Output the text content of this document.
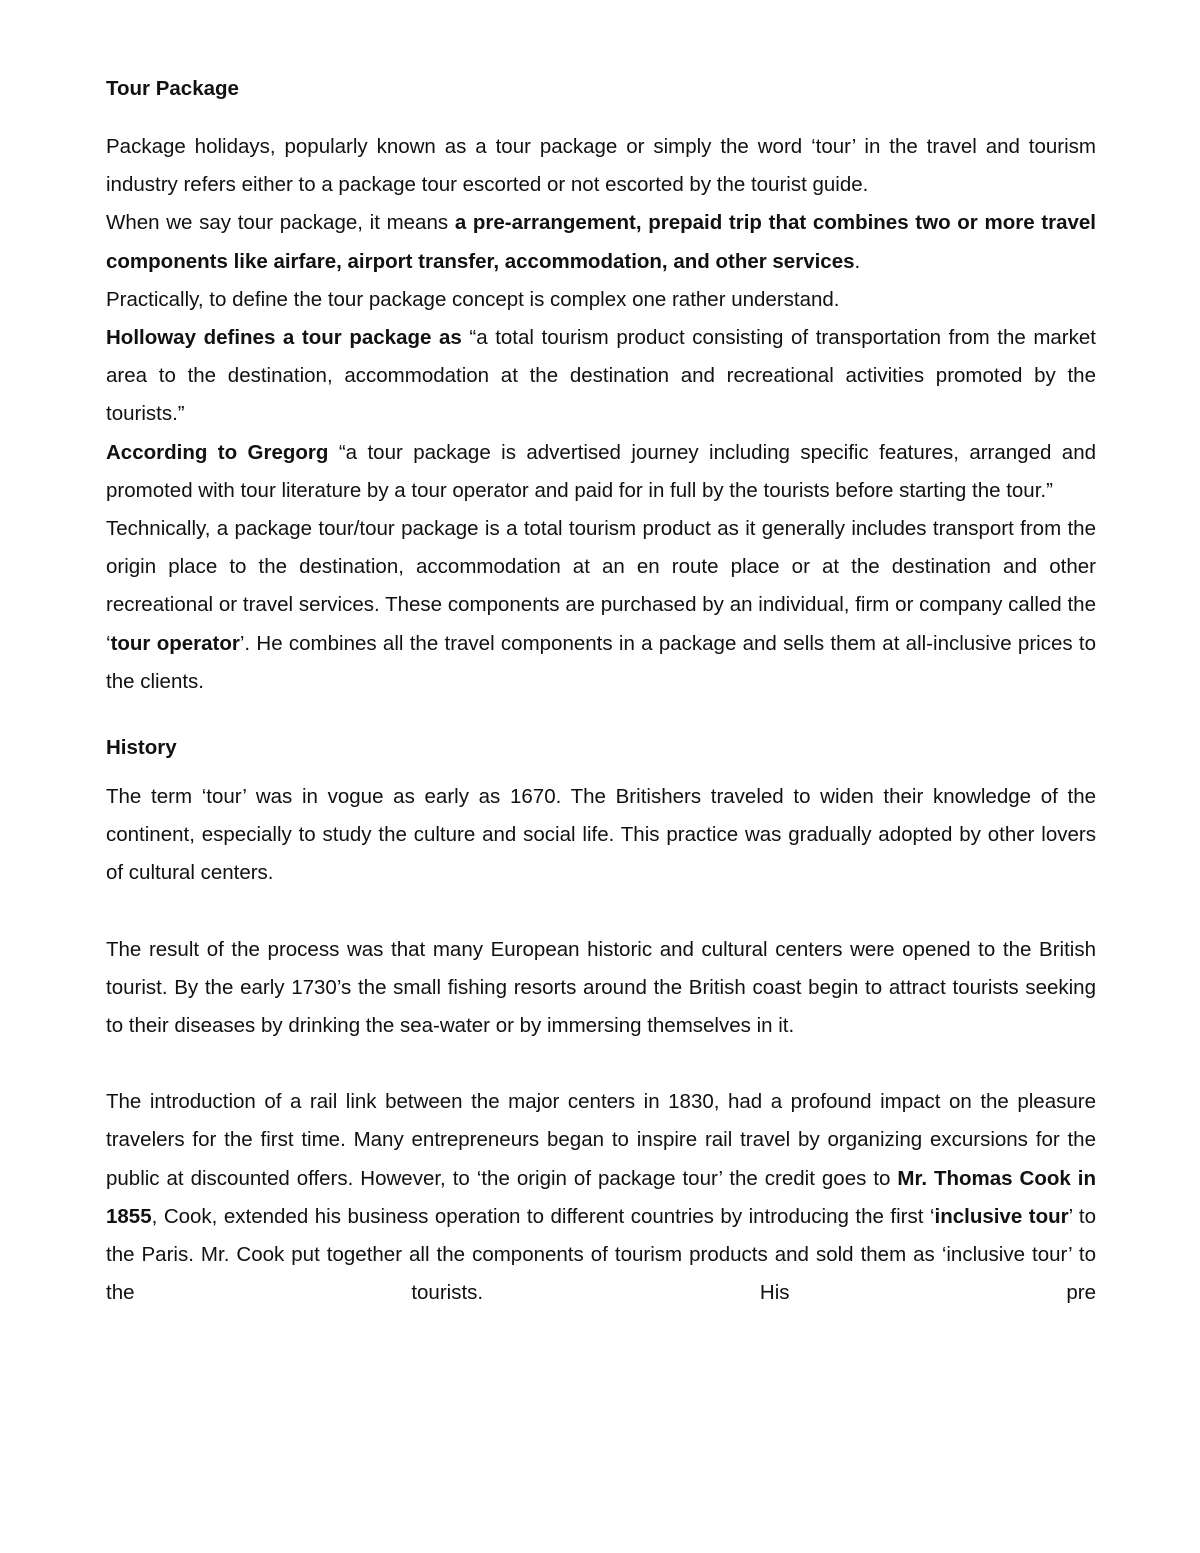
Tour Package

Package holidays, popularly known as a tour package or simply the word ‘tour’ in the travel and tourism industry refers either to a package tour escorted or not escorted by the tourist guide.

When we say tour package, it means a pre-arrangement, prepaid trip that combines two or more travel components like airfare, airport transfer, accommodation, and other services.

Practically, to define the tour package concept is complex one rather understand.

Holloway defines a tour package as “a total tourism product consisting of transportation from the market area to the destination, accommodation at the destination and recreational activities promoted by the tourists.”

According to Gregorg “a tour package is advertised journey including specific features, arranged and promoted with tour literature by a tour operator and paid for in full by the tourists before starting the tour.”

Technically, a package tour/tour package is a total tourism product as it generally includes transport from the origin place to the destination, accommodation at an en route place or at the destination and other recreational or travel services. These components are purchased by an individual, firm or company called the ‘tour operator’. He combines all the travel components in a package and sells them at all-inclusive prices to the clients.

History

The term ‘tour’ was in vogue as early as 1670. The Britishers traveled to widen their knowledge of the continent, especially to study the culture and social life. This practice was gradually adopted by other lovers of cultural centers.

The result of the process was that many European historic and cultural centers were opened to the British tourist. By the early 1730’s the small fishing resorts around the British coast begin to attract tourists seeking to their diseases by drinking the sea-water or by immersing themselves in it.

The introduction of a rail link between the major centers in 1830, had a profound impact on the pleasure travelers for the first time. Many entrepreneurs began to inspire rail travel by organizing excursions for the public at discounted offers. However, to ‘the origin of package tour’ the credit goes to Mr. Thomas Cook in 1855, Cook, extended his business operation to different countries by introducing the first ‘inclusive tour’ to the Paris. Mr. Cook put together all the components of tourism products and sold them as ‘inclusive tour’ to the tourists. His pre
